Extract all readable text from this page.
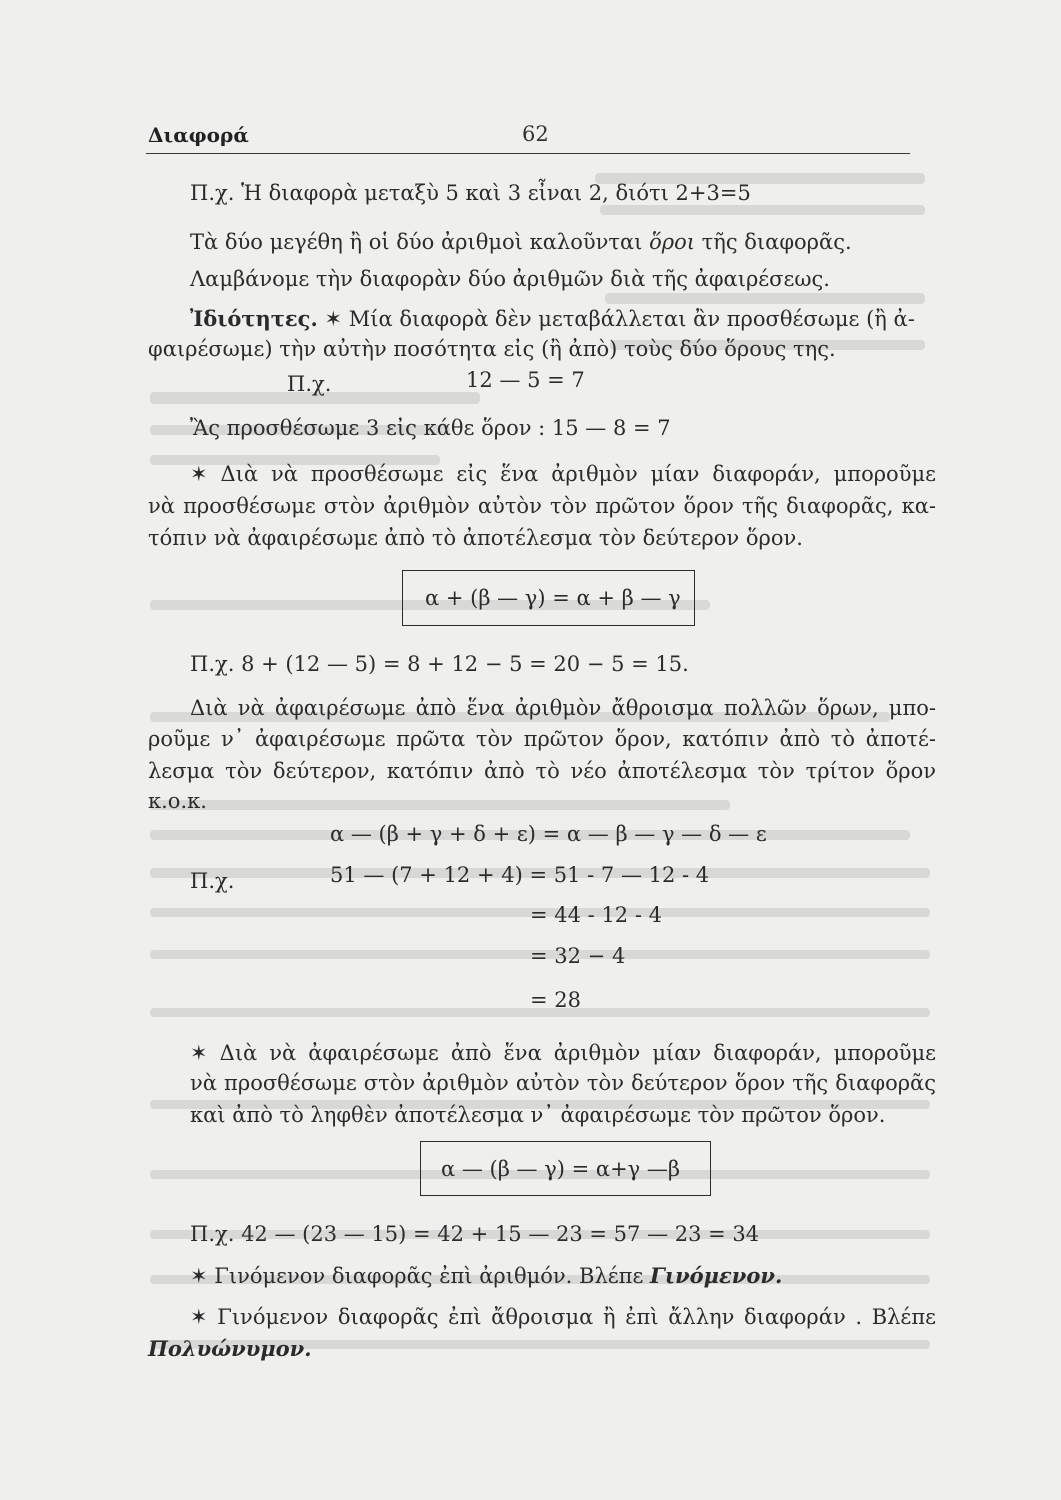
Διαφορά	62
Π.χ. Ἡ διαφορὰ μεταξὺ 5 καὶ 3 εἶναι 2, διότι 2+3=5
Τὰ δύο μεγέθη ἢ οἱ δύο ἀριθμοὶ καλοῦνται ὅροι τῆς διαφορᾶς.
Λαμβάνομε τὴν διαφορὰν δύο ἀριθμῶν διὰ τῆς ἀφαιρέσεως.
Ἰδιότητες. ✶ Μία διαφορὰ δὲν μεταβάλλεται ἂν προσθέσωμε (ἢ ἀ-
φαιρέσωμε) τὴν αὐτὴν ποσότητα εἰς (ἢ ἀπὸ) τοὺς δύο ὅρους της.
Π.χ.	12 — 5 = 7
Ἂς προσθέσωμε 3 εἰς κάθε ὅρον : 15 — 8 = 7
✶ Διὰ νὰ προσθέσωμε εἰς ἕνα ἀριθμὸν μίαν διαφοράν, μποροῦμε
νὰ προσθέσωμε στὸν ἀριθμὸν αὐτὸν τὸν πρῶτον ὅρον τῆς διαφορᾶς, κα-
τόπιν νὰ ἀφαιρέσωμε ἀπὸ τὸ ἀποτέλεσμα τὸν δεύτερον ὅρον.
α + (β — γ) = α + β — γ
Π.χ. 8 + (12 — 5) = 8 + 12 − 5 = 20 − 5 = 15.
Διὰ νὰ ἀφαιρέσωμε ἀπὸ ἕνα ἀριθμὸν ἄθροισμα πολλῶν ὅρων, μπο-
ροῦμε ν᾿ ἀφαιρέσωμε πρῶτα τὸν πρῶτον ὅρον, κατόπιν ἀπὸ τὸ ἀποτέ-
λεσμα τὸν δεύτερον, κατόπιν ἀπὸ τὸ νέο ἀποτέλεσμα τὸν τρίτον ὅρον
κ.ο.κ.
α — (β + γ + δ + ε) = α — β — γ — δ — ε
Π.χ.	51 — (7 + 12 + 4) = 51 - 7 — 12 - 4
= 44 - 12 - 4
= 32 − 4
= 28
✶ Διὰ νὰ ἀφαιρέσωμε ἀπὸ ἕνα ἀριθμὸν μίαν διαφοράν, μποροῦμε
νὰ προσθέσωμε στὸν ἀριθμὸν αὐτὸν τὸν δεύτερον ὅρον τῆς διαφορᾶς
καὶ ἀπὸ τὸ ληφθὲν ἀποτέλεσμα ν᾿ ἀφαιρέσωμε τὸν πρῶτον ὅρον.
α — (β — γ) = α+γ —β
Π.χ. 42 — (23 — 15) = 42 + 15 — 23 = 57 — 23 = 34
✶ Γινόμενον διαφορᾶς ἐπὶ ἀριθμόν. Βλέπε Γινόμενον.
✶ Γινόμενον διαφορᾶς ἐπὶ ἄθροισμα ἢ ἐπὶ ἄλλην διαφοράν . Βλέπε
Πολυώνυμον.
